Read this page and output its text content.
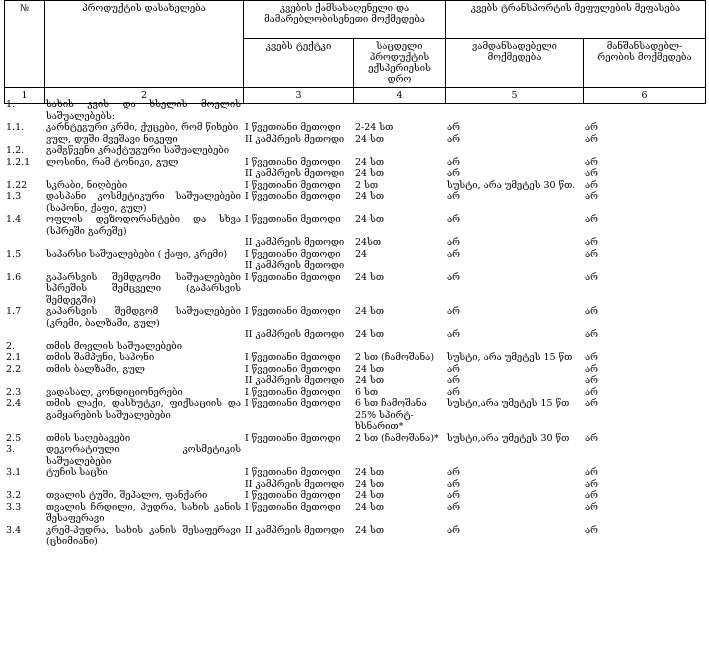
№	პროდუქტის დასახელება	კვების ქამსასაღენელი და მამარებლობისენეთი მოქმედება		კვებს ტრანსპორტის მეფულების მეფასება	
		კვებს ტექტკი	საცდელი პროდუქტის ექსპერიესის დრო	ვამდანსადებელი მოქმედება	მანშანსადებლ- რეობის მოქმედება
1	2	3	4	5	6
1.	სახის კვის და ხსელის მოელის საშუალებებს:				
1.1.	კარნტეგური კრმი, ქუცები, რომ წიხები	I წვეთიანი მეთოდი	2-24 სთ	არ	არ
	ვულ, დუში მვეშავი ნიკეფი	II კამპრეის მეთოდი	24 სთ	არ	არ
1.2.	გამგწვენი კრაქტუგური საშუალებები				
1.2.1	ლოსინი, რამ ტონიკი, გულ	I წვეთიანი მეთოდი	24 სთ	არ	არ
		II კამპრეის მეთოდი	24 სთ	არ	არ
1.22	სკრაბი, ნიღბები	I წვეთიანი მეთოდი	2 სთ	სუსტი, არა უმეტეს 30 წთ.	არ
1.3	დასპანი კოსმეტიკური საშუალებები (საპონი, ქაფი, გულ)	I წვეთიანი მეთოდი	24 სთ	არ	არ
1.4	ოფლის დეზოდორანტები და სხვა (სპრეში გარეშე)	I წვეთიანი მეთოდი	24 სთ	არ	არ
		II კამპრეის მეთოდი	24სთ	არ	არ
1.5	საპარსი საშუალებები ( ქაფი, კრემი)	I წვეთიანი მეთოდი	24	არ	არ
		II კამპრეის მეთოდი			
1.6	გაპარსვის შემდგომი საშუალებები სპრეშის შემცველი (გაპარსვის შემდეგში)	I წვეთიანი მეთოდი	24 სთ	არ	არ
1.7	გაპარსვის შემდგომ საშუალებები (კრემი, ბალზამი, გულ)	I წვეთიანი მეთოდი	24 სთ	არ	არ
		II კამპრეის მეთოდი	24 სთ	არ	არ
2.	თმის მოვლის საშუალებები				
2.1	თმის შამპუნი, საპონი	I წვეთიანი მეთოდი	2 სთ (ჩამოშანა)	სუსტი, არა უმეტეს 15 წთ	არ
2.2	თმის ბალზამი, გულ	I წვეთიანი მეთოდი	24 სთ	არ	არ
		II კამპრეის მეთოდი	24 სთ	არ	არ
2.3	ვადასალ, კონდიციონერები	I წვეთიანი მეთოდი	6 სთ	არ	არ
2.4	თმის ლაქი, დასხუტკი, ფიქსაციის და გამყარების საშუალებები	I წვეთიანი მეთოდი	6 სთ ჩამოშანა 25% სპირტ-ხსნარით*	სუსტი,არა უმეტეს 15 წთ	არ
2.5	თმის საღებავები	I წვეთიანი მეთოდი	2 სთ (ჩამოშანა)*	სუსტი,არა უმეტეს 30 წთ	არ
3.	დეკორატიული კოსმეტიკის საშუალებები				
3.1	ტუჩის საცხი	I წვეთიანი მეთოდი	24 სთ	არ	არ
		II კამპრეის მეთოდი	24 სთ	არ	არ
3.2	თვალის ტუში, შეპალო, ფანქარი	I წვეთიანი მეთოდი	24 სთ	არ	არ
3.3	თვალის ჩრდილი, პუდრა, სახის კანის შესაფერავი	I წვეთიანი მეთოდი	24 სთ	არ	არ
3.4	კრემ-პუდრა, სახის კანის შესაფერავი (ცხიმიანი)	II კამპრეის მეთოდი	24 სთ	არ	არ
